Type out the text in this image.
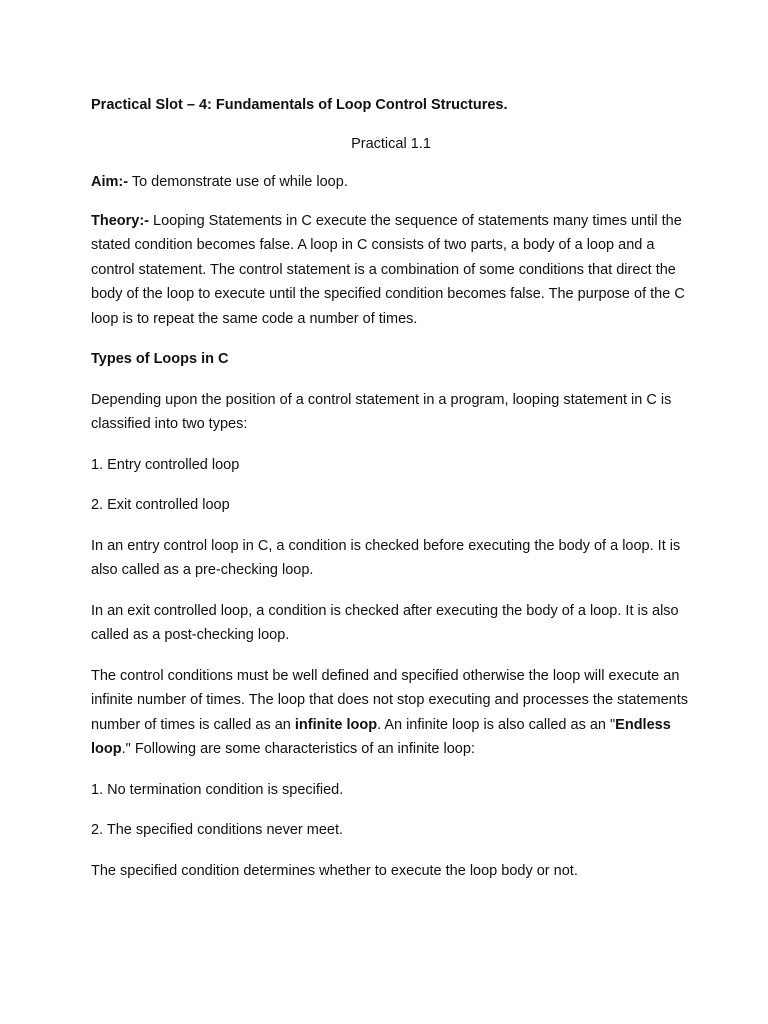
Practical Slot – 4: Fundamentals of Loop Control Structures.
Practical 1.1
Aim:- To demonstrate use of while loop.
Theory:- Looping Statements in C execute the sequence of statements many times until the stated condition becomes false. A loop in C consists of two parts, a body of a loop and a control statement. The control statement is a combination of some conditions that direct the body of the loop to execute until the specified condition becomes false. The purpose of the C loop is to repeat the same code a number of times.
Types of Loops in C
Depending upon the position of a control statement in a program, looping statement in C is classified into two types:
1. Entry controlled loop
2. Exit controlled loop
In an entry control loop in C, a condition is checked before executing the body of a loop. It is also called as a pre-checking loop.
In an exit controlled loop, a condition is checked after executing the body of a loop. It is also called as a post-checking loop.
The control conditions must be well defined and specified otherwise the loop will execute an infinite number of times. The loop that does not stop executing and processes the statements number of times is called as an infinite loop. An infinite loop is also called as an "Endless loop." Following are some characteristics of an infinite loop:
1. No termination condition is specified.
2. The specified conditions never meet.
The specified condition determines whether to execute the loop body or not.
